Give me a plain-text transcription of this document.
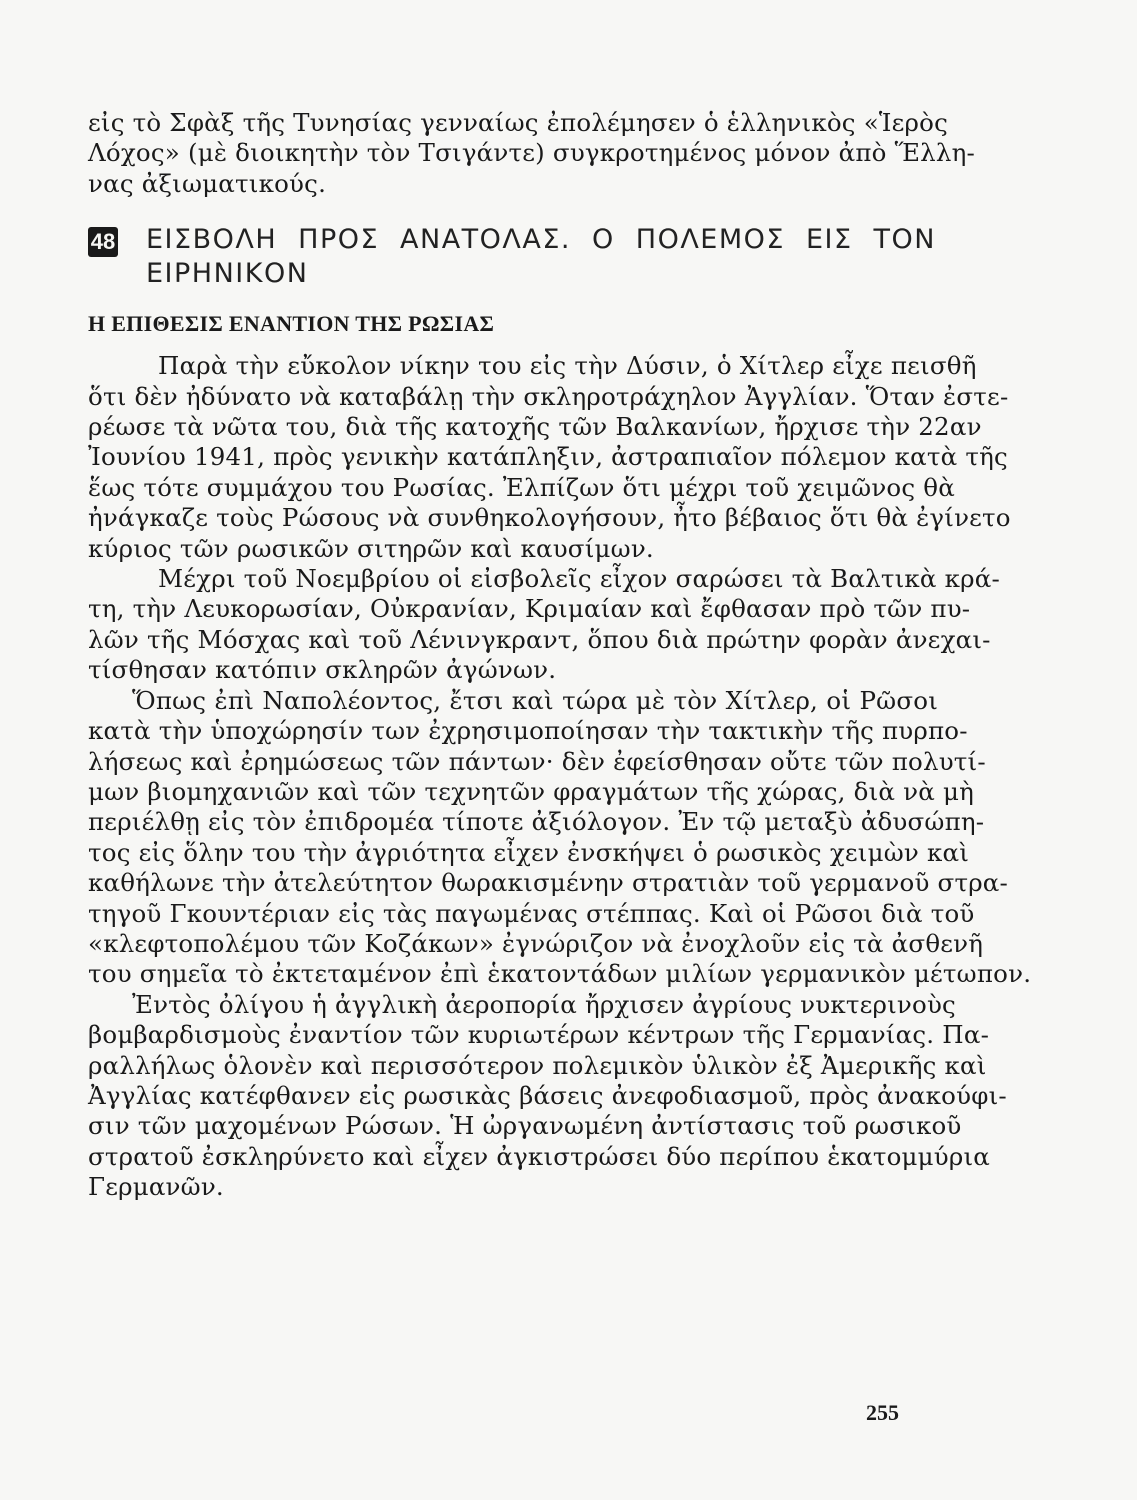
εἰς τὸ Σφὰξ τῆς Τυνησίας γενναίως ἐπολέμησεν ὁ ἑλληνικὸς «Ἱερὸς
Λόχος» (μὲ διοικητὴν τὸν Τσιγάντε) συγκροτημένος μόνον ἀπὸ Ἕλλη-
νας ἀξιωματικούς.
48 ΕΙΣΒΟΛΗ ΠΡΟΣ ΑΝΑΤΟΛΑΣ. Ο ΠΟΛΕΜΟΣ ΕΙΣ ΤΟΝ
ΕΙΡΗΝΙΚΟΝ
Η ΕΠΙΘΕΣΙΣ ΕΝΑΝΤΙΟΝ ΤΗΣ ΡΩΣΙΑΣ
Παρὰ τὴν εὔκολον νίκην του εἰς τὴν Δύσιν, ὁ Χίτλερ εἶχε πεισθῆ
ὅτι δὲν ἠδύνατο νὰ καταβάλῃ τὴν σκληροτράχηλον Ἀγγλίαν. Ὅταν ἐστε-
ρέωσε τὰ νῶτα του, διὰ τῆς κατοχῆς τῶν Βαλκανίων, ἤρχισε τὴν 22αν
Ἰουνίου 1941, πρὸς γενικὴν κατάπληξιν, ἀστραπιαῖον πόλεμον κατὰ τῆς
ἕως τότε συμμάχου του Ρωσίας. Ἐλπίζων ὅτι μέχρι τοῦ χειμῶνος θὰ
ἠνάγκαζε τοὺς Ρώσους νὰ συνθηκολογήσουν, ἦτο βέβαιος ὅτι θὰ ἐγίνετο
κύριος τῶν ρωσικῶν σιτηρῶν καὶ καυσίμων.
Μέχρι τοῦ Νοεμβρίου οἱ εἰσβολεῖς εἶχον σαρώσει τὰ Βαλτικὰ κρά-
τη, τὴν Λευκορωσίαν, Οὐκρανίαν, Κριμαίαν καὶ ἔφθασαν πρὸ τῶν πυ-
λῶν τῆς Μόσχας καὶ τοῦ Λένινγκραντ, ὅπου διὰ πρώτην φορὰν ἀνεχαι-
τίσθησαν κατόπιν σκληρῶν ἀγώνων.
Ὅπως ἐπὶ Ναπολέοντος, ἔτσι καὶ τώρα μὲ τὸν Χίτλερ, οἱ Ρῶσοι
κατὰ τὴν ὑποχώρησίν των ἐχρησιμοποίησαν τὴν τακτικὴν τῆς πυρπο-
λήσεως καὶ ἐρημώσεως τῶν πάντων· δὲν ἐφείσθησαν οὔτε τῶν πολυτί-
μων βιομηχανιῶν καὶ τῶν τεχνητῶν φραγμάτων τῆς χώρας, διὰ νὰ μὴ
περιέλθῃ εἰς τὸν ἐπιδρομέα τίποτε ἀξιόλογον. Ἐν τῷ μεταξὺ ἀδυσώπη-
τος εἰς ὅλην του τὴν ἀγριότητα εἶχεν ἐνσκήψει ὁ ρωσικὸς χειμὼν καὶ
καθήλωνε τὴν ἀτελεύτητον θωρακισμένην στρατιὰν τοῦ γερμανοῦ στρα-
τηγοῦ Γκουντέριαν εἰς τὰς παγωμένας στέππας. Καὶ οἱ Ρῶσοι διὰ τοῦ
«κλεφτοπολέμου τῶν Κοζάκων» ἐγνώριζον νὰ ἐνοχλοῦν εἰς τὰ ἀσθενῆ
του σημεῖα τὸ ἐκτεταμένον ἐπὶ ἑκατοντάδων μιλίων γερμανικὸν μέτωπον.
Ἐντὸς ὀλίγου ἡ ἀγγλικὴ ἀεροπορία ἤρχισεν ἀγρίους νυκτερινοὺς
βομβαρδισμοὺς ἐναντίον τῶν κυριωτέρων κέντρων τῆς Γερμανίας. Πα-
ραλλήλως ὁλονὲν καὶ περισσότερον πολεμικὸν ὑλικὸν ἐξ Ἀμερικῆς καὶ
Ἀγγλίας κατέφθανεν εἰς ρωσικὰς βάσεις ἀνεφοδιασμοῦ, πρὸς ἀνακούφι-
σιν τῶν μαχομένων Ρώσων. Ἡ ὠργανωμένη ἀντίστασις τοῦ ρωσικοῦ
στρατοῦ ἐσκληρύνετο καὶ εἶχεν ἀγκιστρώσει δύο περίπου ἑκατομμύρια
Γερμανῶν.
255
